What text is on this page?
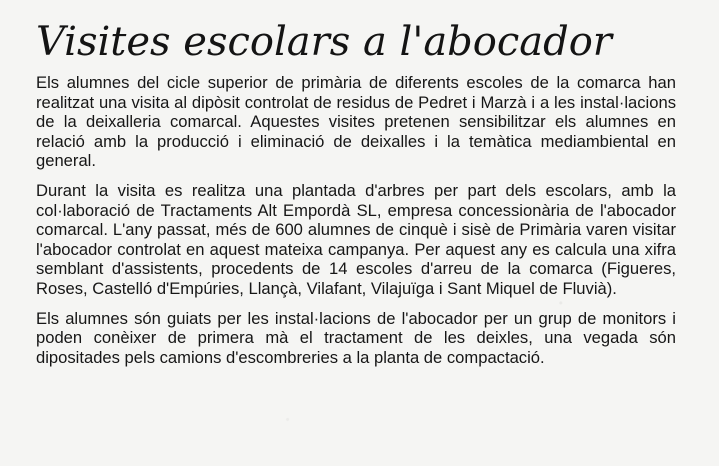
Visites escolars a l'abocador

Els alumnes del cicle superior de primària de diferents escoles de la comarca han realitzat una visita al dipòsit controlat de residus de Pedret i Marzà i a les instal·lacions de la deixalleria comarcal. Aquestes visites pretenen sensibilitzar els alumnes en relació amb la producció i eliminació de deixalles i la temàtica mediambiental en general.

Durant la visita es realitza una plantada d'arbres per part dels escolars, amb la col·laboració de Tractaments Alt Empordà SL, empresa concessionària de l'abocador comarcal. L'any passat, més de 600 alumnes de cinquè i sisè de Primària varen visitar l'abocador controlat en aquest mateixa campanya. Per aquest any es calcula una xifra semblant d'assistents, procedents de 14 escoles d'arreu de la comarca (Figueres, Roses, Castelló d'Empúries, Llançà, Vilafant, Vilajuïga i Sant Miquel de Fluvià).

Els alumnes són guiats per les instal·lacions de l'abocador per un grup de monitors i poden conèixer de primera mà el tractament de les deixles, una vegada són dipositades pels camions d'escombreries a la planta de compactació.
